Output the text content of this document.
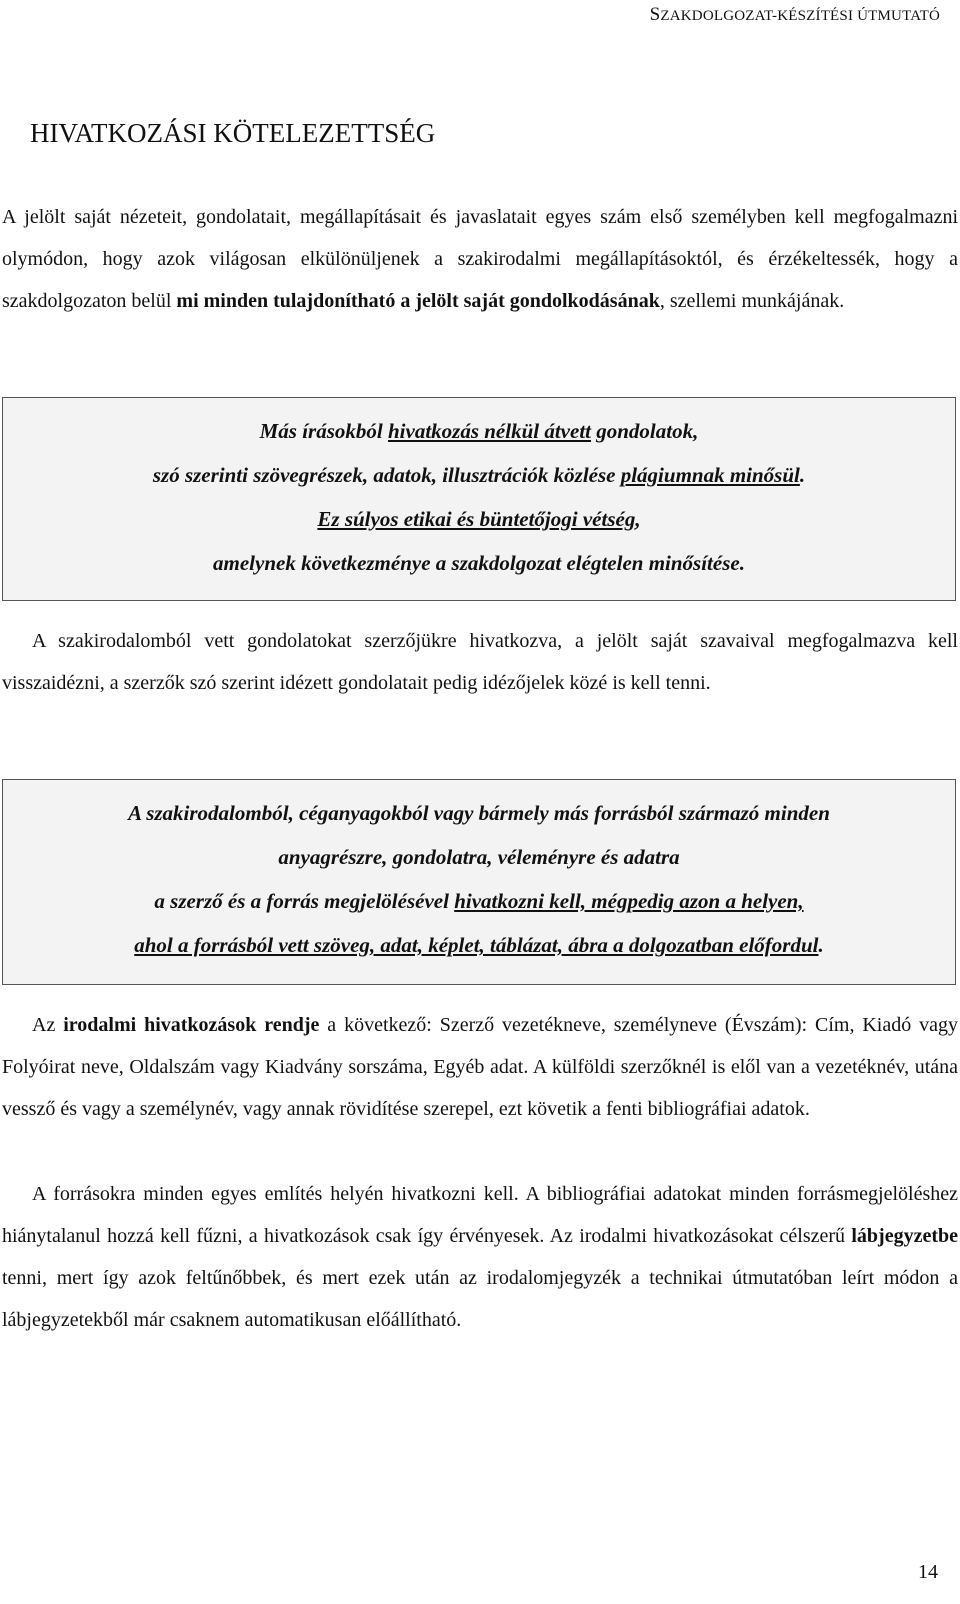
SZAKDOLGOZAT-KÉSZÍTÉSI ÚTMUTATÓ
HIVATKOZÁSI KÖTELEZETTSÉG

A jelölt saját nézeteit, gondolatait, megállapításait és javaslatait egyes szám első személyben kell megfogalmazni olymódon, hogy azok világosan elkülönüljenek a szakirodalmi megállapításoktól, és érzékeltessék, hogy a szakdolgozaton belül mi minden tulajdonítható a jelölt saját gondolkodásának, szellemi munkájának.

Más írásokból hivatkozás nélkül átvett gondolatok,

szó szerinti szövegrészek, adatok, illusztrációk közlése plágiumnak minősül.

Ez súlyos etikai és büntetőjogi vétség,

amelynek következménye a szakdolgozat elégtelen minősítése.

A szakirodalomból vett gondolatokat szerzőjükre hivatkozva, a jelölt saját szavaival megfogalmazva kell visszaidézni, a szerzők szó szerint idézett gondolatait pedig idézőjelek közé is kell tenni.

A szakirodalomból, céganyagokból vagy bármely más forrásból származó minden

anyagrészre, gondolatra, véleményre és adatra

a szerző és a forrás megjelölésével hivatkozni kell, mégpedig azon a helyen,

ahol a forrásból vett szöveg, adat, képlet, táblázat, ábra a dolgozatban előfordul.

Az irodalmi hivatkozások rendje a következő: Szerző vezetékneve, személyneve (Évszám): Cím, Kiadó vagy Folyóirat neve, Oldalszám vagy Kiadvány sorszáma, Egyéb adat. A külföldi szerzőknél is elől van a vezetéknév, utána vessző és vagy a személynév, vagy annak rövidítése szerepel, ezt követik a fenti bibliográfiai adatok.

A forrásokra minden egyes említés helyén hivatkozni kell. A bibliográfiai adatokat minden forrásmegjelöléshez hiánytalanul hozzá kell fűzni, a hivatkozások csak így érvényesek. Az irodalmi hivatkozásokat célszerű lábjegyzetbe tenni, mert így azok feltűnőbbek, és mert ezek után az irodalomjegyzék a technikai útmutatóban leírt módon a lábjegyzetekből már csaknem automatikusan előállítható.

14
